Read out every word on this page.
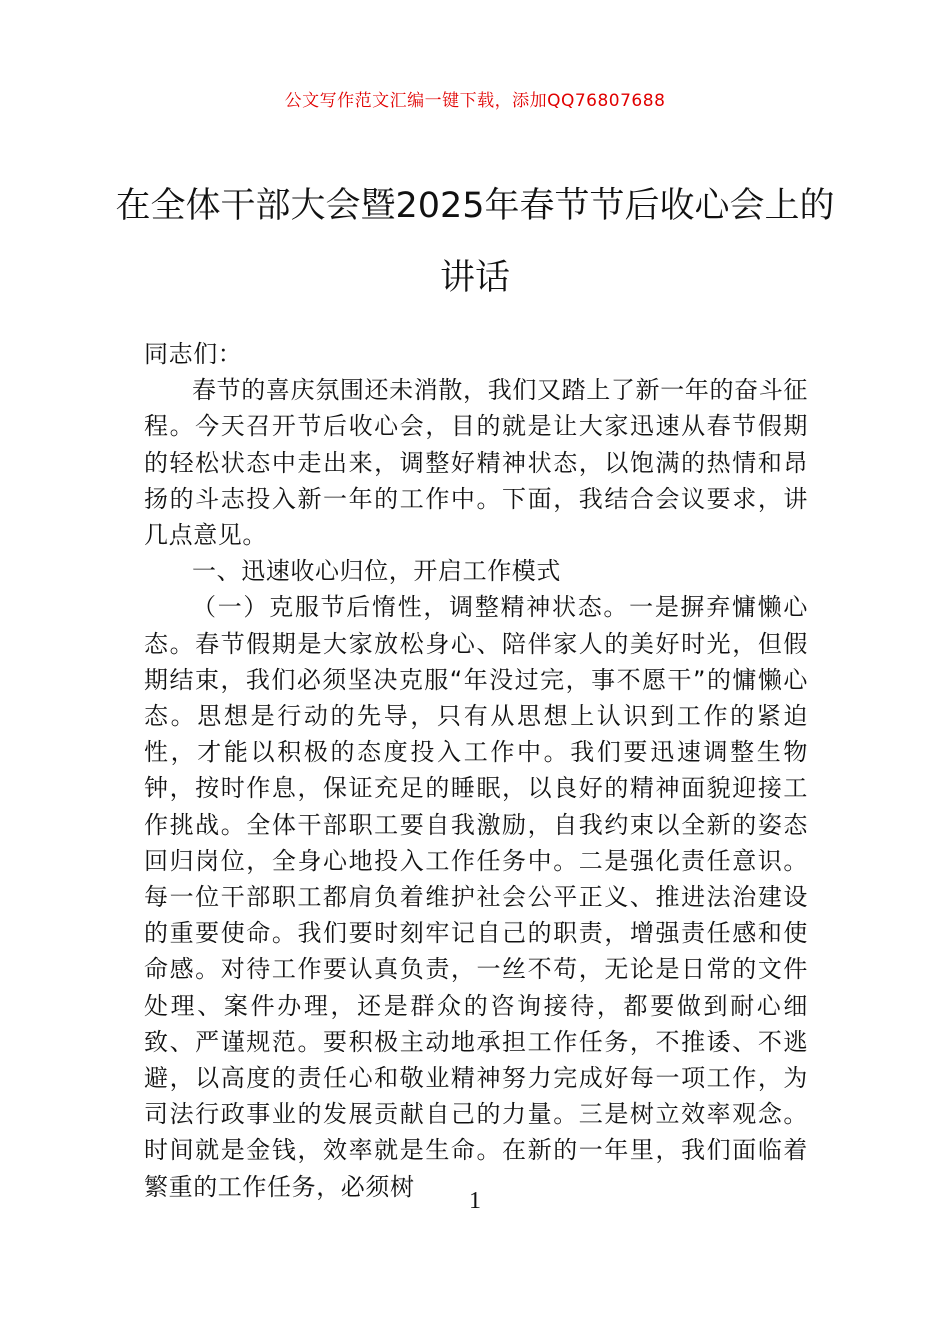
公文写作范文汇编一键下载，添加QQ76807688
在全体干部大会暨2025年春节节后收心会上的讲话

同志们：

春节的喜庆氛围还未消散，我们又踏上了新一年的奋斗征程。今天召开节后收心会，目的就是让大家迅速从春节假期的轻松状态中走出来，调整好精神状态，以饱满的热情和昂扬的斗志投入新一年的工作中。下面，我结合会议要求，讲几点意见。

一、迅速收心归位，开启工作模式

（一）克服节后惰性，调整精神状态。一是摒弃慵懒心态。春节假期是大家放松身心、陪伴家人的美好时光，但假期结束，我们必须坚决克服“年没过完，事不愿干”的慵懒心态。思想是行动的先导，只有从思想上认识到工作的紧迫性，才能以积极的态度投入工作中。我们要迅速调整生物钟，按时作息，保证充足的睡眠，以良好的精神面貌迎接工作挑战。全体干部职工要自我激励，自我约束以全新的姿态回归岗位，全身心地投入工作任务中。二是强化责任意识。每一位干部职工都肩负着维护社会公平正义、推进法治建设的重要使命。我们要时刻牢记自己的职责，增强责任感和使命感。对待工作要认真负责，一丝不苟，无论是日常的文件处理、案件办理，还是群众的咨询接待，都要做到耐心细致、严谨规范。要积极主动地承担工作任务，不推诿、不逃避，以高度的责任心和敬业精神努力完成好每一项工作，为司法行政事业的发展贡献自己的力量。三是树立效率观念。时间就是金钱，效率就是生命。在新的一年里，我们面临着繁重的工作任务，必须树

1
